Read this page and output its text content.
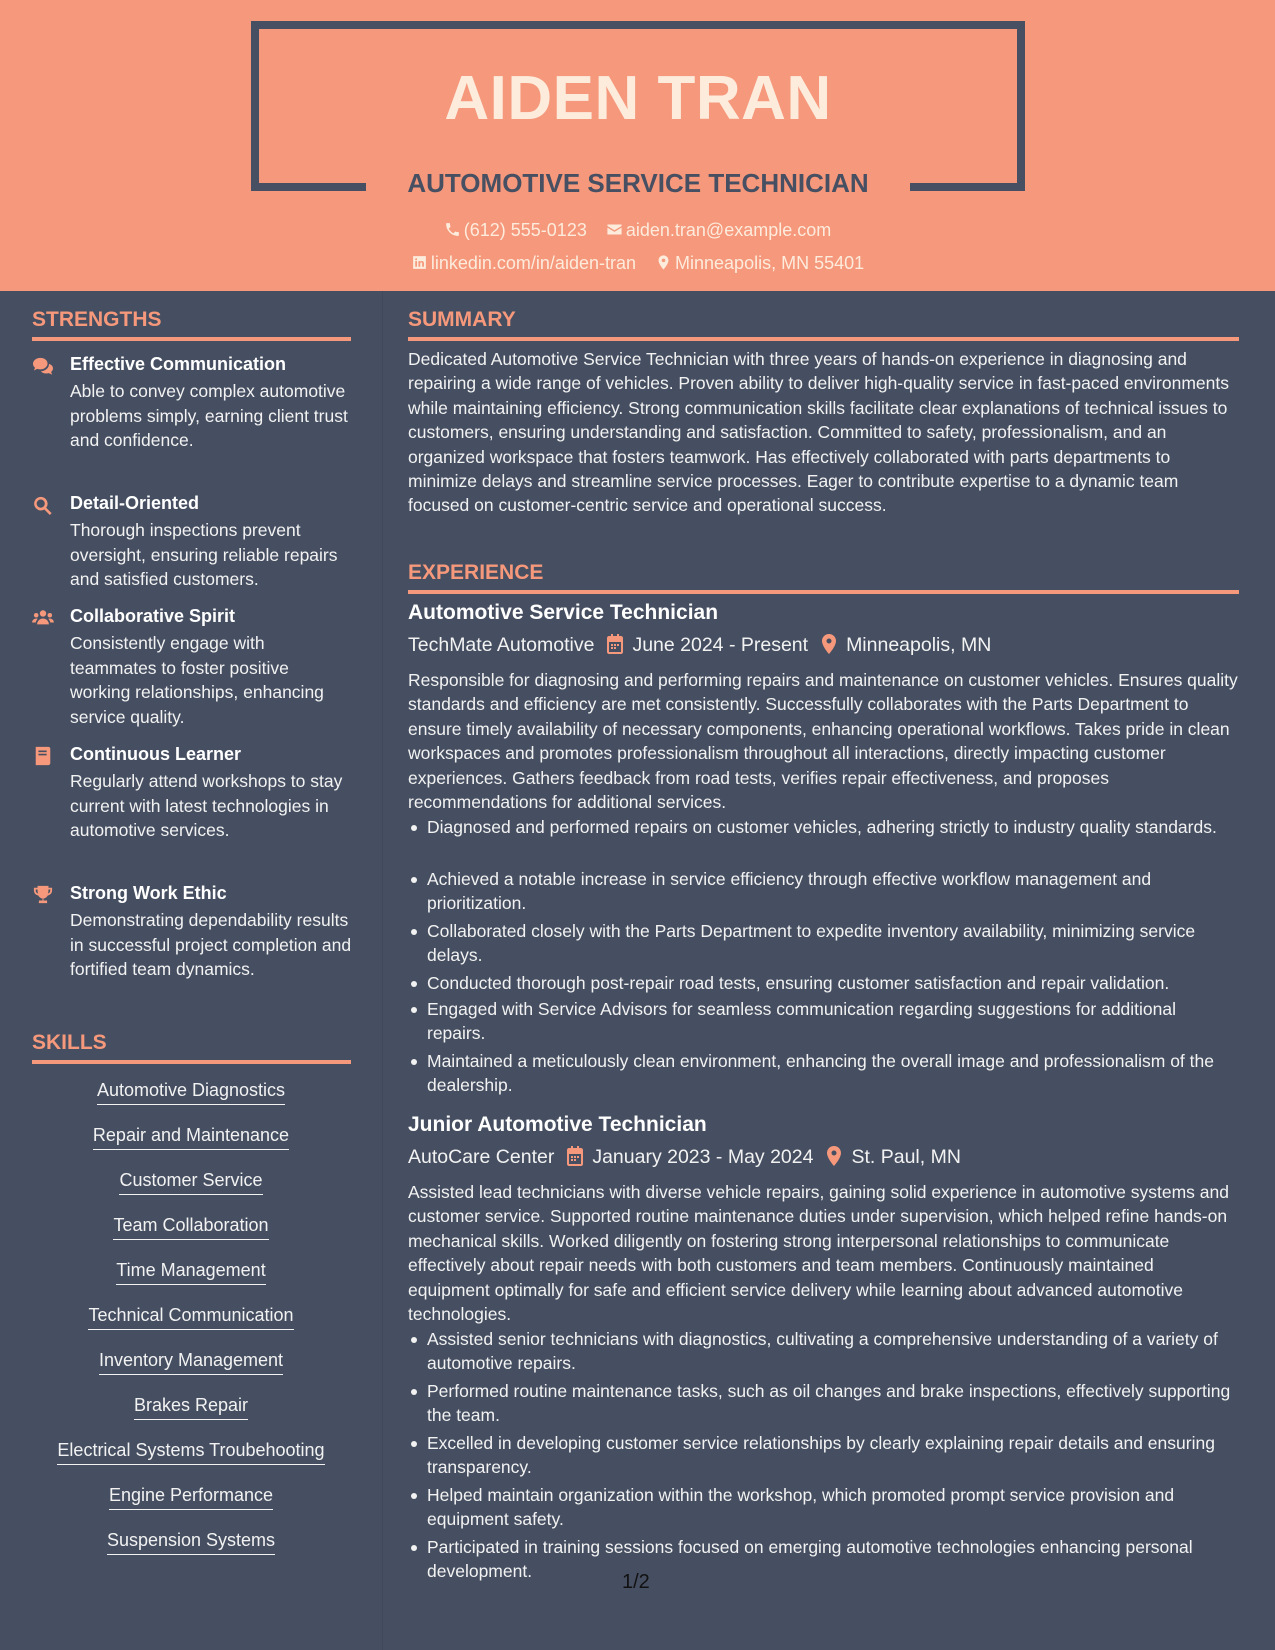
AIDEN TRAN
AUTOMOTIVE SERVICE TECHNICIAN
(612) 555-0123 aiden.tran@example.com
linkedin.com/in/aiden-tran Minneapolis, MN 55401
STRENGTHS
Effective Communication
Able to convey complex automotive problems simply, earning client trust and confidence.
Detail-Oriented
Thorough inspections prevent oversight, ensuring reliable repairs and satisfied customers.
Collaborative Spirit
Consistently engage with teammates to foster positive working relationships, enhancing service quality.
Continuous Learner
Regularly attend workshops to stay current with latest technologies in automotive services.
Strong Work Ethic
Demonstrating dependability results in successful project completion and fortified team dynamics.
SKILLS
Automotive Diagnostics
Repair and Maintenance
Customer Service
Team Collaboration
Time Management
Technical Communication
Inventory Management
Brakes Repair
Electrical Systems Troubehooting
Engine Performance
Suspension Systems
SUMMARY
Dedicated Automotive Service Technician with three years of hands-on experience in diagnosing and repairing a wide range of vehicles. Proven ability to deliver high-quality service in fast-paced environments while maintaining efficiency. Strong communication skills facilitate clear explanations of technical issues to customers, ensuring understanding and satisfaction. Committed to safety, professionalism, and an organized workspace that fosters teamwork. Has effectively collaborated with parts departments to minimize delays and streamline service processes. Eager to contribute expertise to a dynamic team focused on customer-centric service and operational success.
EXPERIENCE
Automotive Service Technician
TechMate Automotive June 2024 - Present Minneapolis, MN
Responsible for diagnosing and performing repairs and maintenance on customer vehicles. Ensures quality standards and efficiency are met consistently. Successfully collaborates with the Parts Department to ensure timely availability of necessary components, enhancing operational workflows. Takes pride in clean workspaces and promotes professionalism throughout all interactions, directly impacting customer experiences. Gathers feedback from road tests, verifies repair effectiveness, and proposes recommendations for additional services.
Diagnosed and performed repairs on customer vehicles, adhering strictly to industry quality standards.
Achieved a notable increase in service efficiency through effective workflow management and prioritization.
Collaborated closely with the Parts Department to expedite inventory availability, minimizing service delays.
Conducted thorough post-repair road tests, ensuring customer satisfaction and repair validation.
Engaged with Service Advisors for seamless communication regarding suggestions for additional repairs.
Maintained a meticulously clean environment, enhancing the overall image and professionalism of the dealership.
Junior Automotive Technician
AutoCare Center January 2023 - May 2024 St. Paul, MN
Assisted lead technicians with diverse vehicle repairs, gaining solid experience in automotive systems and customer service. Supported routine maintenance duties under supervision, which helped refine hands-on mechanical skills. Worked diligently on fostering strong interpersonal relationships to communicate effectively about repair needs with both customers and team members. Continuously maintained equipment optimally for safe and efficient service delivery while learning about advanced automotive technologies.
Assisted senior technicians with diagnostics, cultivating a comprehensive understanding of a variety of automotive repairs.
Performed routine maintenance tasks, such as oil changes and brake inspections, effectively supporting the team.
Excelled in developing customer service relationships by clearly explaining repair details and ensuring transparency.
Helped maintain organization within the workshop, which promoted prompt service provision and equipment safety.
Participated in training sessions focused on emerging automotive technologies enhancing personal development.	1/2
